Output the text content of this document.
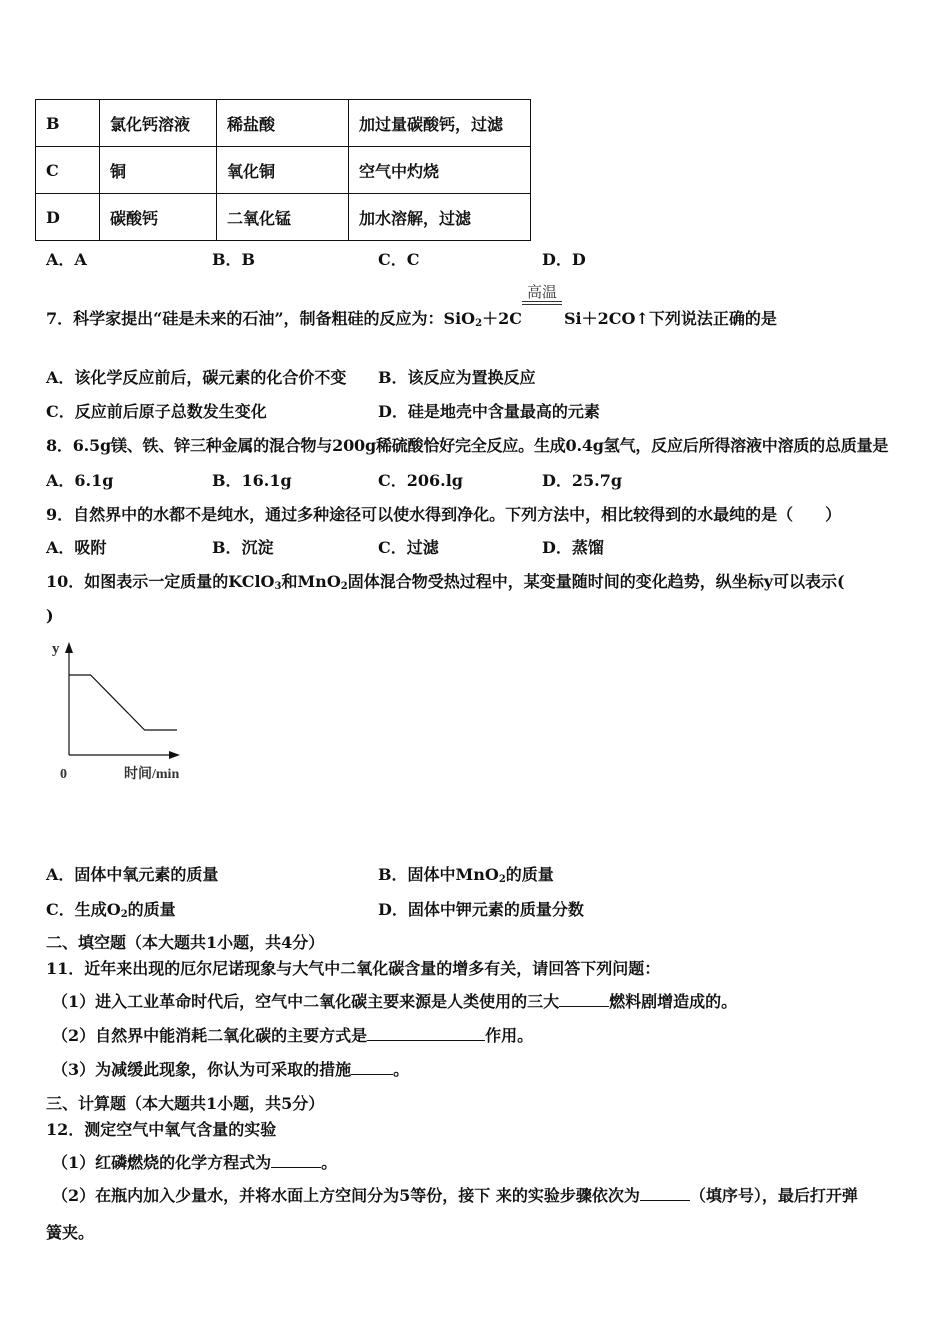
B	氯化钙溶液	稀盐酸	加过量碳酸钙，过滤
C	铜	氧化铜	空气中灼烧
D	碳酸钙	二氧化锰	加水溶解，过滤
A．A	B．B	C．C	D．D
高温
7．科学家提出“硅是未来的石油”，制备粗硅的反应为：SiO$_2$＋2C	Si＋2CO↑下列说法正确的是
A．该化学反应前后，碳元素的化合价不变 B．该反应为置换反应
C．反应前后原子总数发生变化	D．硅是地壳中含量最高的元素
8．6.5g镁、铁、锌三种金属的混合物与200g稀硫酸恰好完全反应。生成0.4g氢气，反应后所得溶液中溶质的总质量是
A．6.1g	B．16.1g	C．206.lg	D．25.7g
9．自然界中的水都不是纯水，通过多种途径可以使水得到净化。下列方法中，相比较得到的水最纯的是（　　）
A．吸附	B．沉淀	C．过滤	D．蒸馏
10．如图表示一定质量的KClO$_3$和MnO$_2$固体混合物受热过程中，某变量随时间的变化趋势，纵坐标y可以表示(
)
y
0	时间/min
A．固体中氧元素的质量	B．固体中MnO$_2$的质量
C．生成$O_2$的质量	D．固体中钾元素的质量分数
二、填空题（本大题共1小题，共4分）
11．近年来出现的厄尔尼诺现象与大气中二氧化碳含量的增多有关，请回答下列问题：
（1）进入工业革命时代后，空气中二氧化碳主要来源是人类使用的三大	燃料剧增造成的。
（2）自然界中能消耗二氧化碳的主要方式是	作用。
（3）为减缓此现象，你认为可采取的措施	。
三、计算题（本大题共1小题，共5分）
12．测定空气中氧气含量的实验
（1）红磷燃烧的化学方程式为	。
（2）在瓶内加入少量水，并将水面上方空间分为5等份，接下 来的实验步骤依次为	（填序号），最后打开弹
簧夹。
